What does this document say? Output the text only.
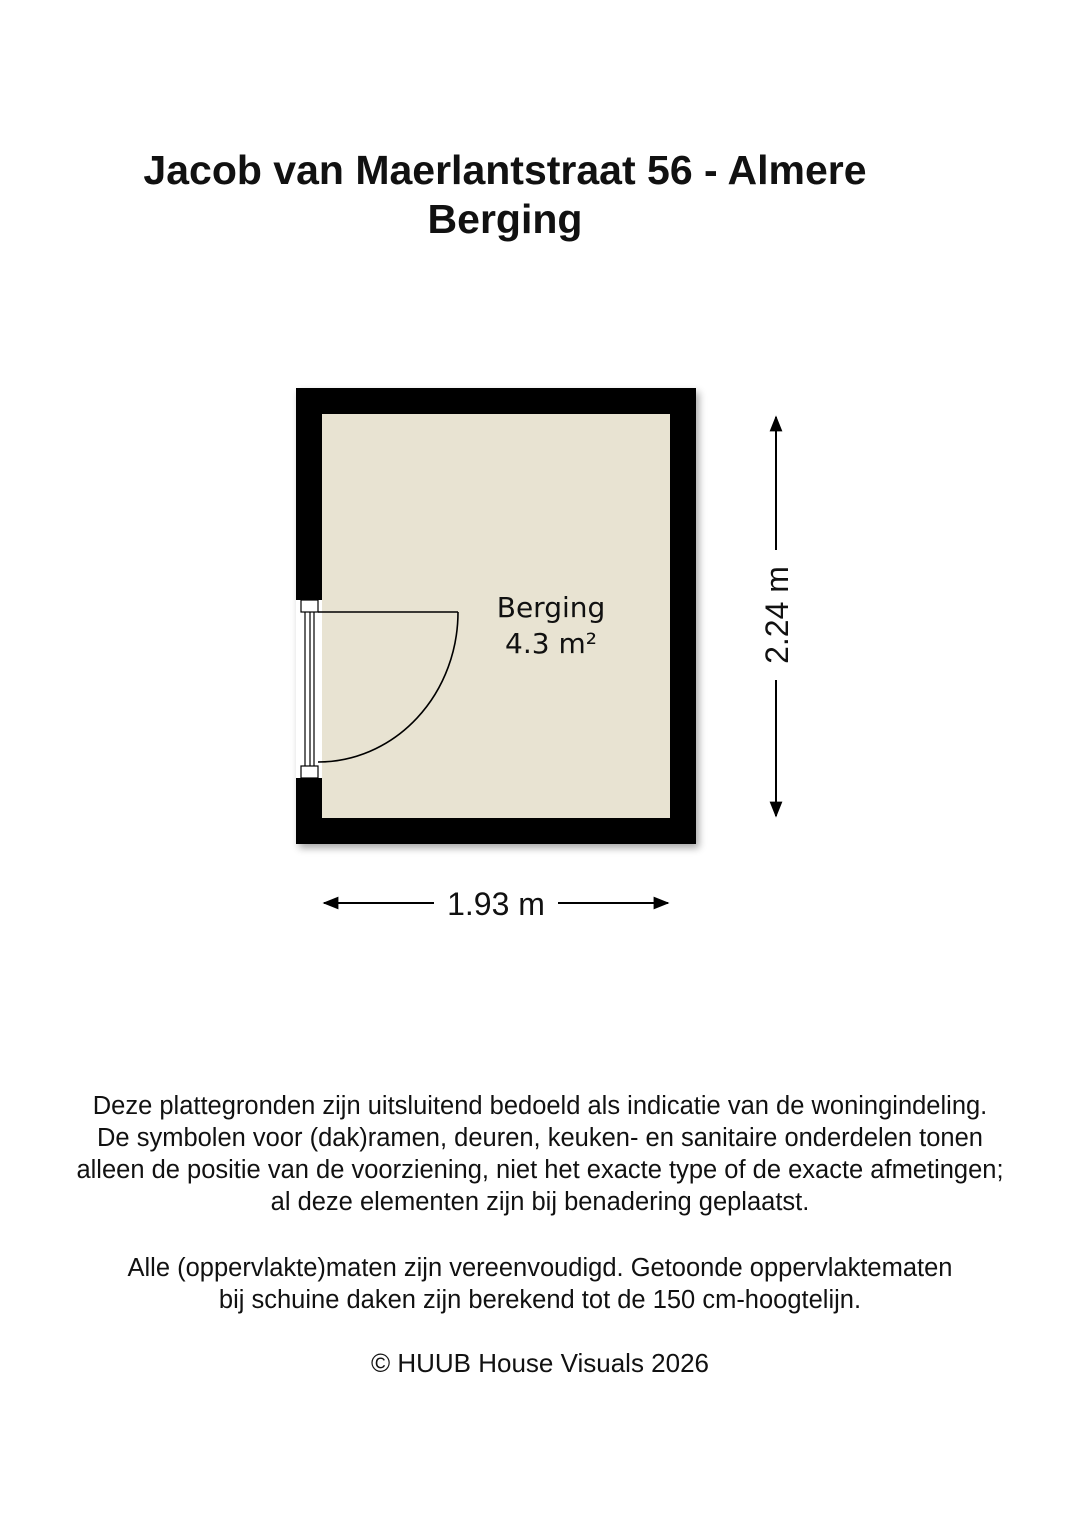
Jacob van Maerlantstraat 56 - Almere
Berging
Berging
4.3 m²
1.93 m
2.24 m
Deze plattegronden zijn uitsluitend bedoeld als indicatie van de woningindeling.
De symbolen voor (dak)ramen, deuren, keuken- en sanitaire onderdelen tonen
alleen de positie van de voorziening, niet het exacte type of de exacte afmetingen;
al deze elementen zijn bij benadering geplaatst.
Alle (oppervlakte)maten zijn vereenvoudigd. Getoonde oppervlaktematen
bij schuine daken zijn berekend tot de 150 cm-hoogtelijn.
© HUUB House Visuals 2026
